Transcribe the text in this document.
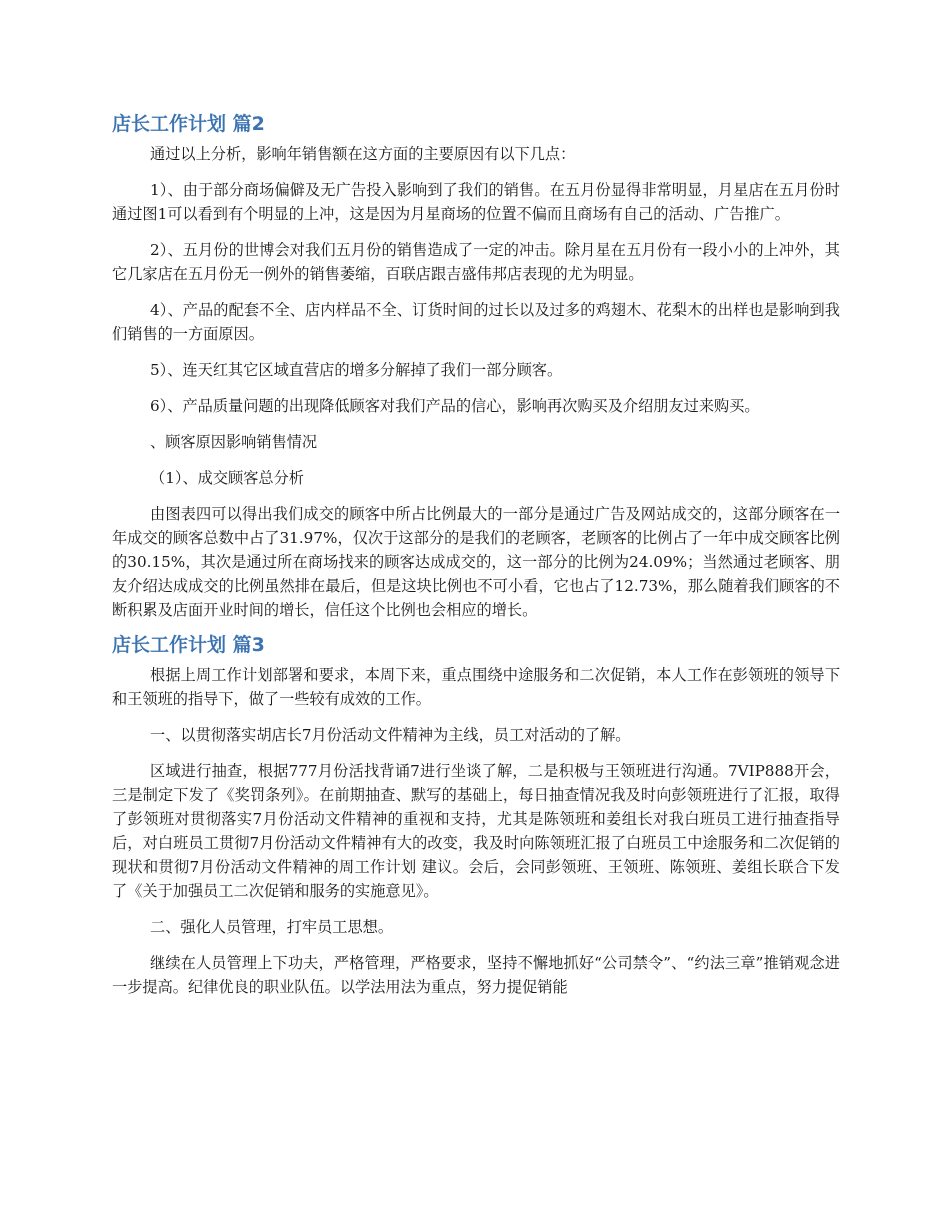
店长工作计划 篇2

通过以上分析，影响年销售额在这方面的主要原因有以下几点：

1）、由于部分商场偏僻及无广告投入影响到了我们的销售。在五月份显得非常明显，月星店在五月份时通过图1可以看到有个明显的上冲，这是因为月星商场的位置不偏而且商场有自己的活动、广告推广。

2）、五月份的世博会对我们五月份的销售造成了一定的冲击。除月星在五月份有一段小小的上冲外，其它几家店在五月份无一例外的销售萎缩，百联店跟吉盛伟邦店表现的尤为明显。

4）、产品的配套不全、店内样品不全、订货时间的过长以及过多的鸡翅木、花梨木的出样也是影响到我们销售的一方面原因。

5）、连天红其它区域直营店的增多分解掉了我们一部分顾客。

6）、产品质量问题的出现降低顾客对我们产品的信心，影响再次购买及介绍朋友过来购买。

、顾客原因影响销售情况

（1）、成交顾客总分析

由图表四可以得出我们成交的顾客中所占比例最大的一部分是通过广告及网站成交的，这部分顾客在一年成交的顾客总数中占了31.97%，仅次于这部分的是我们的老顾客，老顾客的比例占了一年中成交顾客比例的30.15%，其次是通过所在商场找来的顾客达成成交的，这一部分的比例为24.09%；当然通过老顾客、朋友介绍达成成交的比例虽然排在最后，但是这块比例也不可小看，它也占了12.73%，那么随着我们顾客的不断积累及店面开业时间的增长，信任这个比例也会相应的增长。

店长工作计划 篇3

根据上周工作计划部署和要求，本周下来，重点围绕中途服务和二次促销，本人工作在彭领班的领导下和王领班的指导下，做了一些较有成效的工作。

一、以贯彻落实胡店长7月份活动文件精神为主线，员工对活动的了解。

区域进行抽查，根据777月份活找背诵7进行坐谈了解，二是积极与王领班进行沟通。7VIP888开会，三是制定下发了《奖罚条列》。在前期抽查、默写的基础上，每日抽查情况我及时向彭领班进行了汇报，取得了彭领班对贯彻落实7月份活动文件精神的重视和支持，尤其是陈领班和姜组长对我白班员工进行抽查指导后，对白班员工贯彻7月份活动文件精神有大的改变，我及时向陈领班汇报了白班员工中途服务和二次促销的现状和贯彻7月份活动文件精神的周工作计划 建议。会后，会同彭领班、王领班、陈领班、姜组长联合下发了《关于加强员工二次促销和服务的实施意见》。

二、强化人员管理，打牢员工思想。

继续在人员管理上下功夫，严格管理，严格要求，坚持不懈地抓好“公司禁令”、“约法三章”推销观念进一步提高。纪律优良的职业队伍。以学法用法为重点，努力提促销能
